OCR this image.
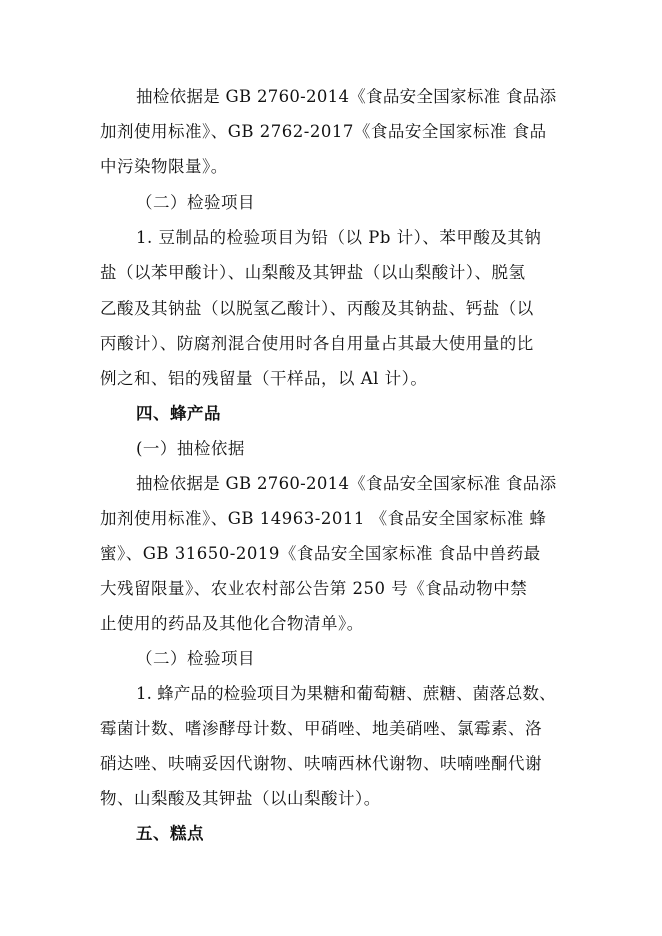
抽检依据是 GB 2760-2014《食品安全国家标准 食品添
加剂使用标准》、GB 2762-2017《食品安全国家标准 食品
中污染物限量》。
（二）检验项目
1. 豆制品的检验项目为铅（以 Pb 计）、苯甲酸及其钠
盐（以苯甲酸计）、山梨酸及其钾盐（以山梨酸计）、脱氢
乙酸及其钠盐（以脱氢乙酸计）、丙酸及其钠盐、钙盐（以
丙酸计）、防腐剂混合使用时各自用量占其最大使用量的比
例之和、铝的残留量（干样品，以 Al 计）。
四、蜂产品
(一）抽检依据
抽检依据是 GB 2760-2014《食品安全国家标准 食品添
加剂使用标准》、GB 14963-2011 《食品安全国家标准 蜂
蜜》、GB 31650-2019《食品安全国家标准 食品中兽药最
大残留限量》、农业农村部公告第 250 号《食品动物中禁
止使用的药品及其他化合物清单》。
（二）检验项目
1. 蜂产品的检验项目为果糖和葡萄糖、蔗糖、菌落总数、
霉菌计数、嗜渗酵母计数、甲硝唑、地美硝唑、氯霉素、洛
硝达唑、呋喃妥因代谢物、呋喃西林代谢物、呋喃唑酮代谢
物、山梨酸及其钾盐（以山梨酸计）。
五、糕点
